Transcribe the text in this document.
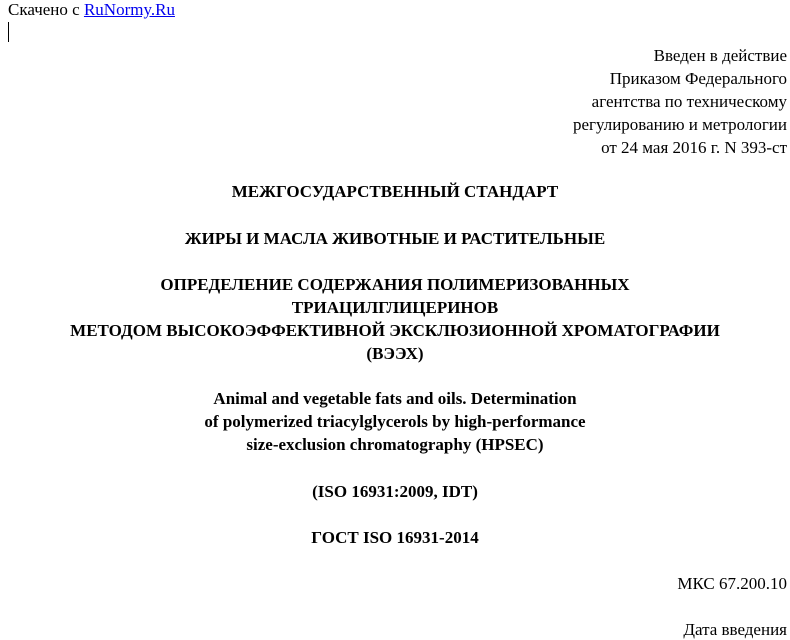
Скачено с RuNormy.Ru
Введен в действие
Приказом Федерального
агентства по техническому
регулированию и метрологии
от 24 мая 2016 г. N 393-ст
МЕЖГОСУДАРСТВЕННЫЙ СТАНДАРТ
ЖИРЫ И МАСЛА ЖИВОТНЫЕ И РАСТИТЕЛЬНЫЕ
ОПРЕДЕЛЕНИЕ СОДЕРЖАНИЯ ПОЛИМЕРИЗОВАННЫХ
ТРИАЦИЛГЛИЦЕРИНОВ
МЕТОДОМ ВЫСОКОЭФФЕКТИВНОЙ ЭКСКЛЮЗИОННОЙ ХРОМАТОГРАФИИ
(ВЭЭХ)
Animal and vegetable fats and oils. Determination
of polymerized triacylglycerols by high-performance
size-exclusion chromatography (HPSEC)
(ISO 16931:2009, IDT)
ГОСТ ISO 16931-2014
МКС 67.200.10
Дата введения
